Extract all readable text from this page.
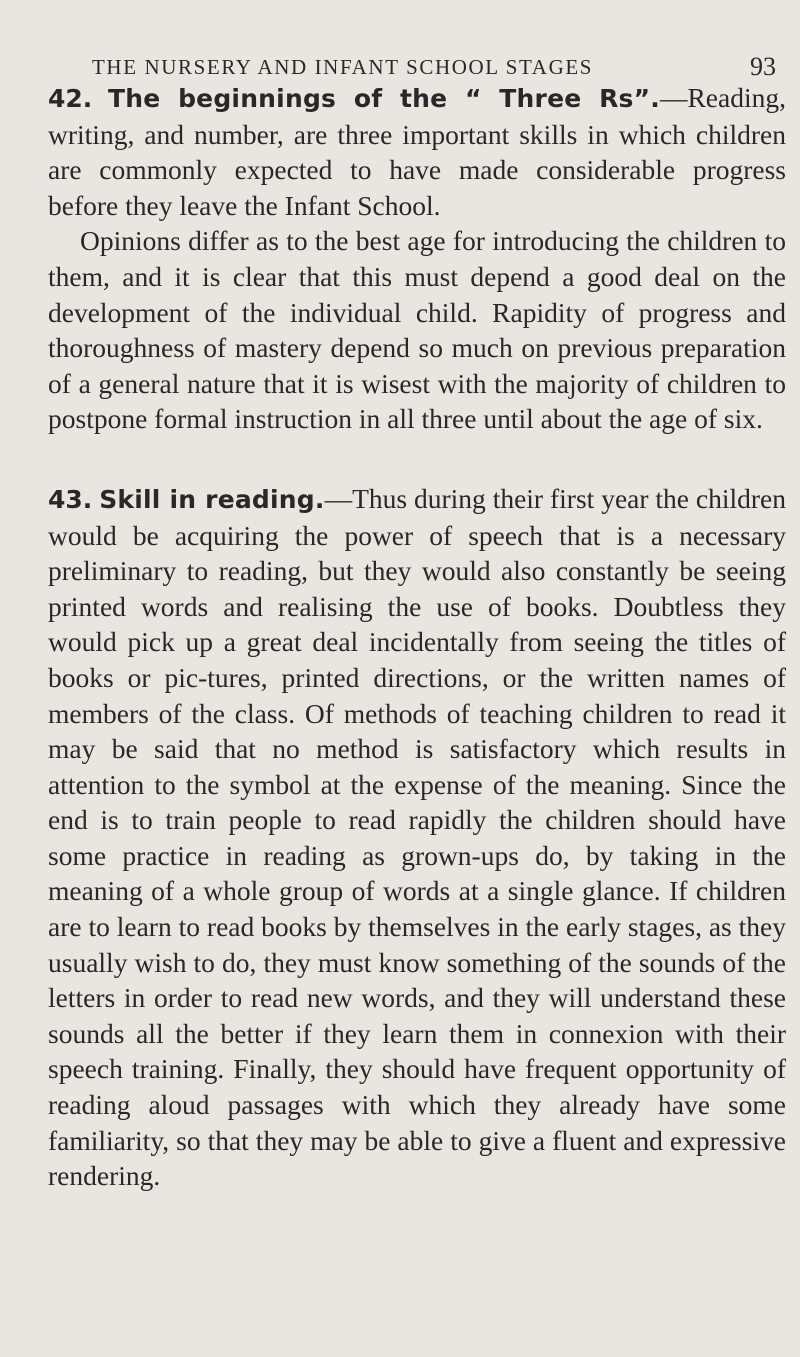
THE NURSERY AND INFANT SCHOOL STAGES	93

42. The beginnings of the “ Three Rs”.—Reading, writing, and number, are three important skills in which children are commonly expected to have made considerable progress before they leave the Infant School.

Opinions differ as to the best age for introducing the children to them, and it is clear that this must depend a good deal on the development of the individual child. Rapidity of progress and thoroughness of mastery depend so much on previous preparation of a general nature that it is wisest with the majority of children to postpone formal instruction in all three until about the age of six.

43. Skill in reading.—Thus during their first year the children would be acquiring the power of speech that is a necessary preliminary to reading, but they would also constantly be seeing printed words and realising the use of books. Doubtless they would pick up a great deal incidentally from seeing the titles of books or pic-tures, printed directions, or the written names of members of the class. Of methods of teaching children to read it may be said that no method is satisfactory which results in attention to the symbol at the expense of the meaning. Since the end is to train people to read rapidly the children should have some practice in reading as grown-ups do, by taking in the meaning of a whole group of words at a single glance. If children are to learn to read books by themselves in the early stages, as they usually wish to do, they must know something of the sounds of the letters in order to read new words, and they will understand these sounds all the better if they learn them in connexion with their speech training. Finally, they should have frequent opportunity of reading aloud passages with which they already have some familiarity, so that they may be able to give a fluent and expressive rendering.
